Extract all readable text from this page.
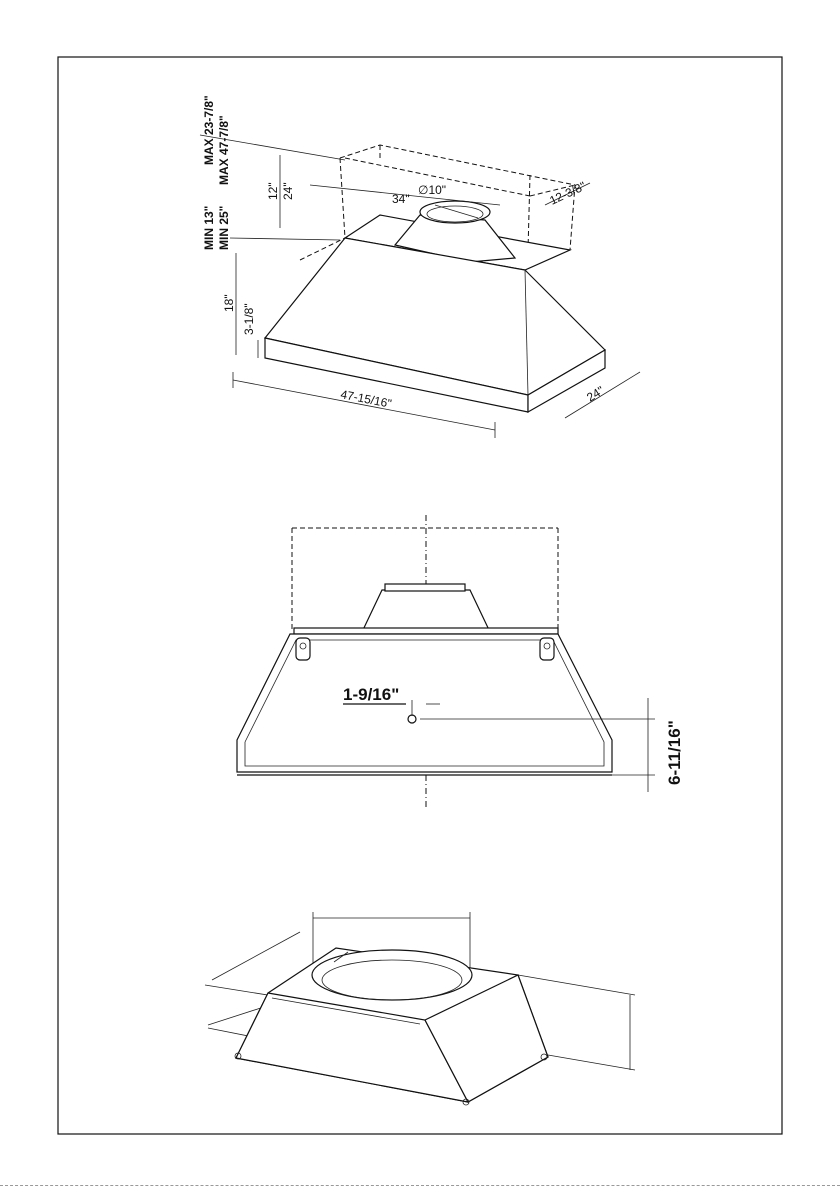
MAX 23-7/8" MAX 47-7/8"
MIN 13" MIN 25"
12" 24"	34"
∅10"	12-3/8"
18"
3-1/8"
47-15/16"	24"
1-9/16"
6-11/16"
